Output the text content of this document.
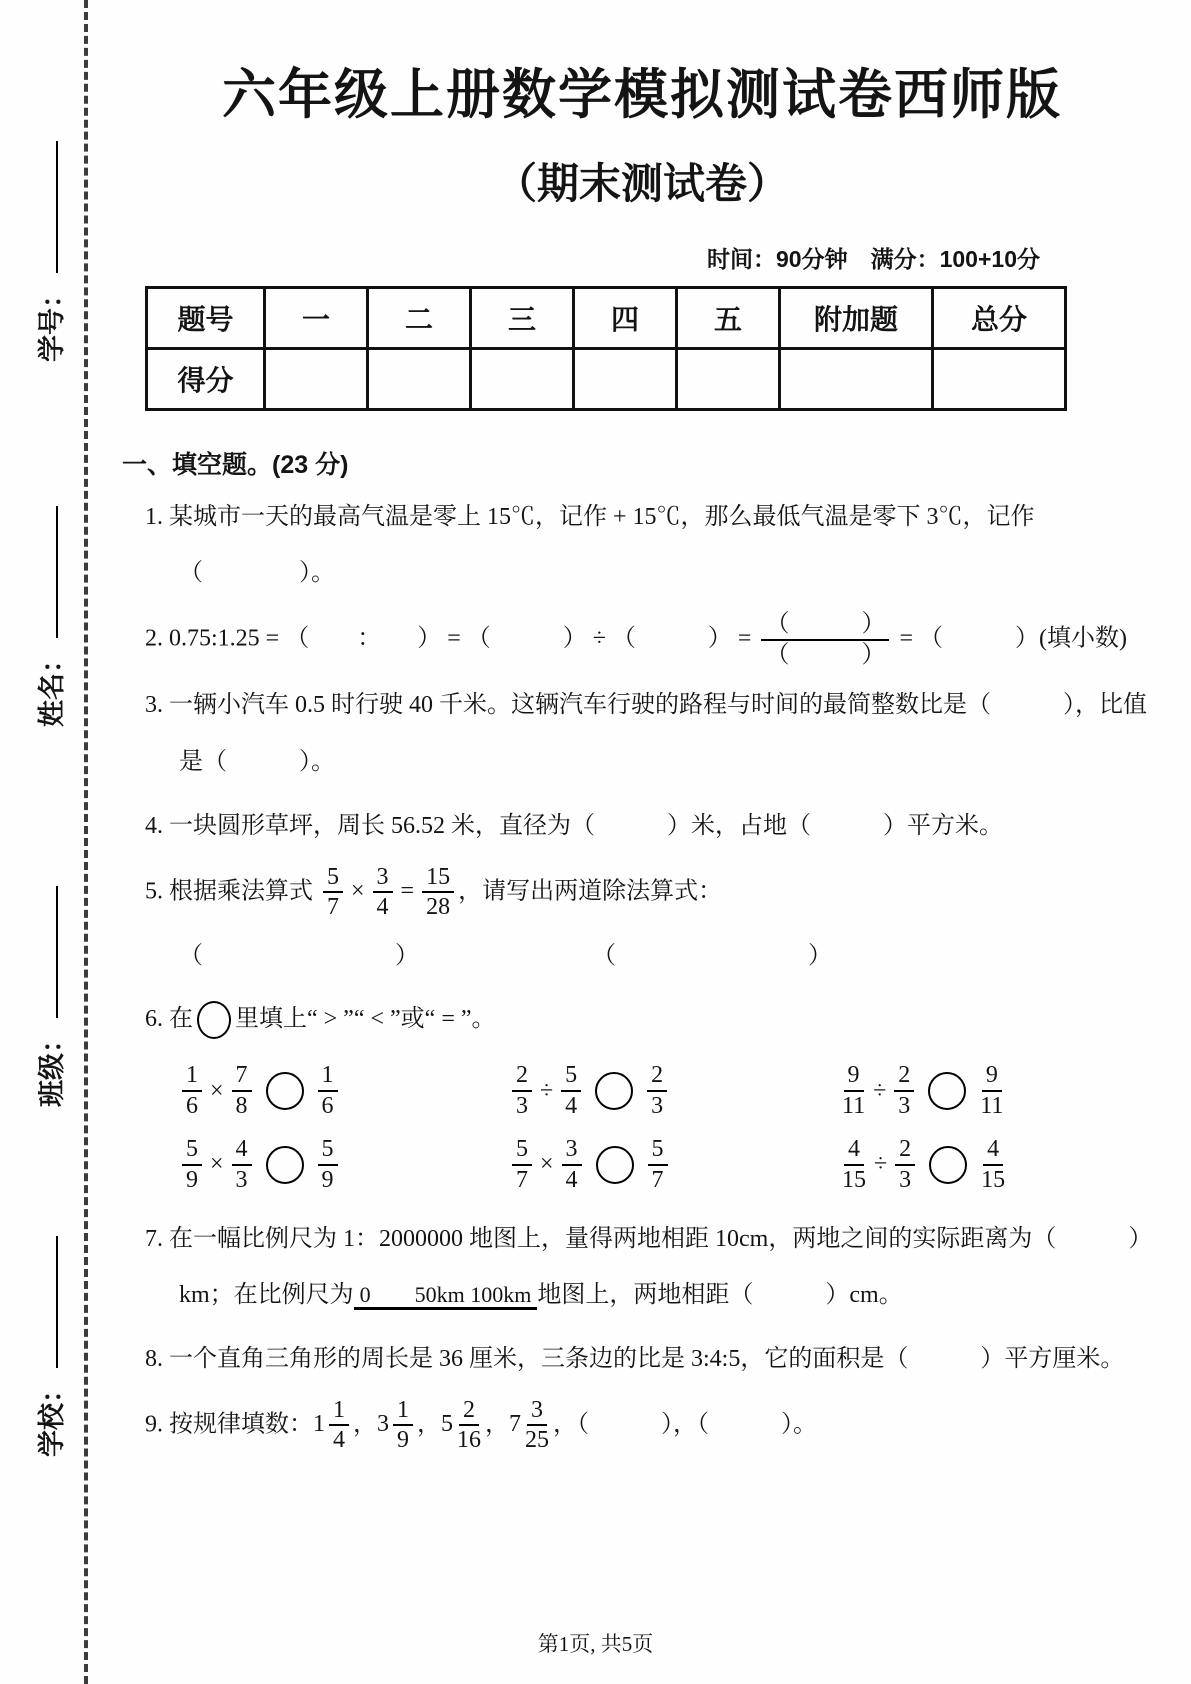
学号：
姓名：
班级：
学校：
六年级上册数学模拟测试卷西师版
（期末测试卷）
时间：90分钟　满分：100+10分
题号	一	二	三	四	五	附加题	总分
得分							
一、填空题。(23 分)
1. 某城市一天的最高气温是零上 15℃，记作 + 15℃，那么最低气温是零下 3℃，记作（　　　　）。
2. 0.75:1.25 = （　　：　　） = （　　　） ÷ （　　　） = $\frac{( )}{( )}$ = （　　　）(填小数)
3. 一辆小汽车 0.5 时行驶 40 千米。这辆汽车行驶的路程与时间的最简整数比是（　　　），比值是（　　　）。
4. 一块圆形草坪，周长 56.52 米，直径为（　　　）米，占地（　　　）平方米。
5. 根据乘法算式 $\frac{5}{7} \times \frac{3}{4} = \frac{15}{28}$ ，请写出两道除法算式：
（　　　　　　　　）	（　　　　　　　　）
6. 在 里填上“ > ”“ < ”或“ = ”。
$\frac{1}{6} \times \frac{7}{8}$	$\frac{1}{6}$	$\frac{2}{3} \div \frac{5}{4}$	$\frac{2}{3}$	$\frac{9}{11} \div \frac{2}{3}$	$\frac{9}{11}$
$\frac{5}{9} \times \frac{4}{3}$	$\frac{5}{9}$	$\frac{5}{7} \times \frac{3}{4}$	$\frac{5}{7}$	$\frac{4}{15} \div \frac{2}{3}$	$\frac{4}{15}$
7. 在一幅比例尺为 1：2000000 地图上，量得两地相距 10cm，两地之间的实际距离为（　　　）km；在比例尺为 0　　50km 100km 地图上，两地相距（　　　）cm。
8. 一个直角三角形的周长是 36 厘米，三条边的比是 3:4:5，它的面积是（　　　）平方厘米。
9. 按规律填数：$1 \frac{1}{4}$ ，$3 \frac{1}{9}$ ，$5 \frac{2}{16}$ ，$7 \frac{3}{25}$ ，（　　　），（　　　）。
第1页, 共5页
